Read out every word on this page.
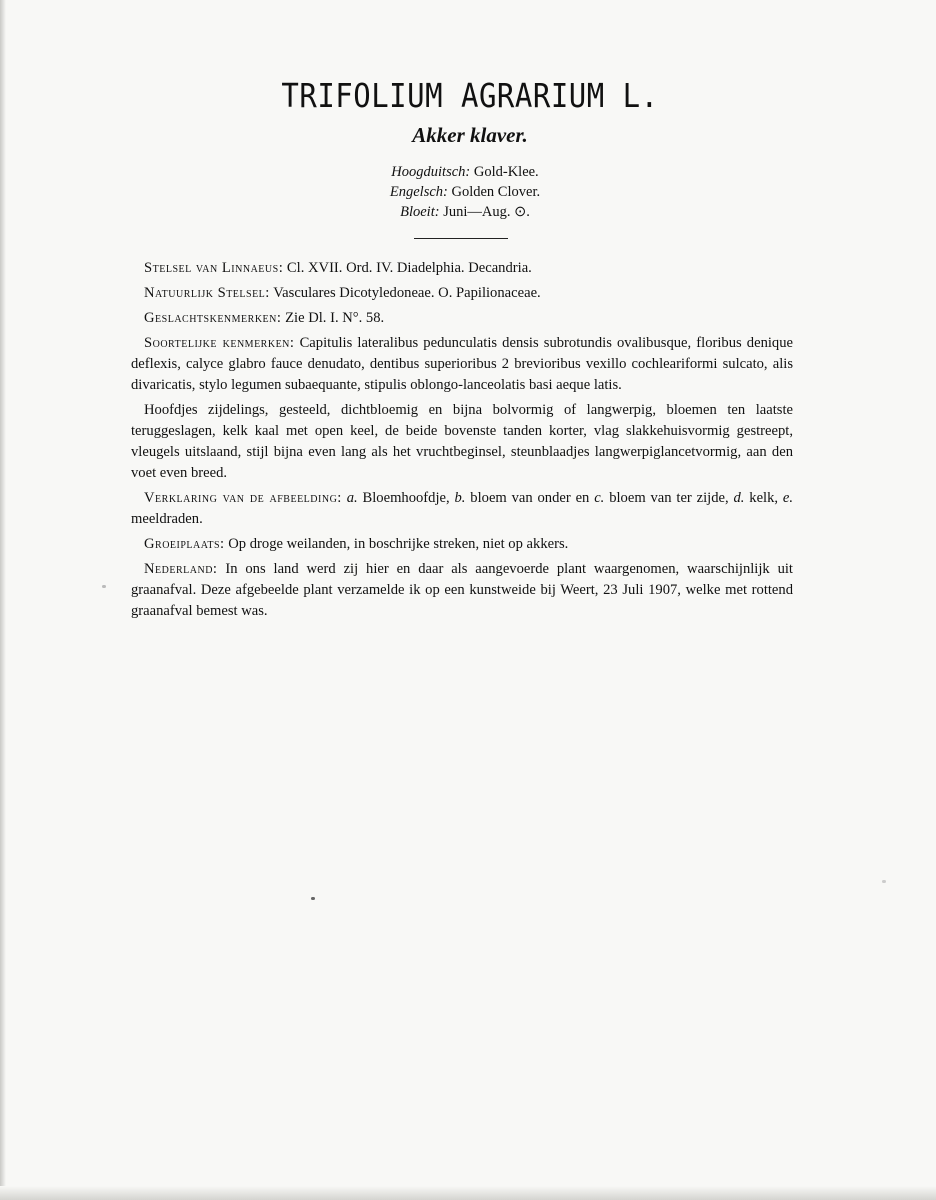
TRIFOLIUM AGRARIUM L.
Akker klaver.
Hoogduitsch: Gold-Klee.
Engelsch: Golden Clover.
Bloeit: Juni—Aug. ⊙.

Stelsel van Linnaeus: Cl. XVII. Ord. IV. Diadelphia. Decandria.

Natuurlijk Stelsel: Vasculares Dicotyledoneae. O. Papilionaceae.

Geslachtskenmerken: Zie Dl. I. N°. 58.

Soortelijke kenmerken: Capitulis lateralibus pedunculatis densis subrotundis ovalibusque, floribus denique deflexis, calyce glabro fauce denudato, dentibus superioribus 2 brevioribus vexillo cochleariformi sulcato, alis divaricatis, stylo legumen subaequante, stipulis oblongo-lanceolatis basi aeque latis.

Hoofdjes zijdelings, gesteeld, dichtbloemig en bijna bolvormig of langwerpig, bloemen ten laatste teruggeslagen, kelk kaal met open keel, de beide bovenste tanden korter, vlag slakkehuisvormig gestreept, vleugels uitslaand, stijl bijna even lang als het vruchtbeginsel, steunblaadjes langwerpiglancetvormig, aan den voet even breed.

Verklaring van de afbeelding: a. Bloemhoofdje, b. bloem van onder en c. bloem van ter zijde, d. kelk, e. meeldraden.

Groeiplaats: Op droge weilanden, in boschrijke streken, niet op akkers.

Nederland: In ons land werd zij hier en daar als aangevoerde plant waargenomen, waarschijnlijk uit graanafval. Deze afgebeelde plant verzamelde ik op een kunstweide bij Weert, 23 Juli 1907, welke met rottend graanafval bemest was.
